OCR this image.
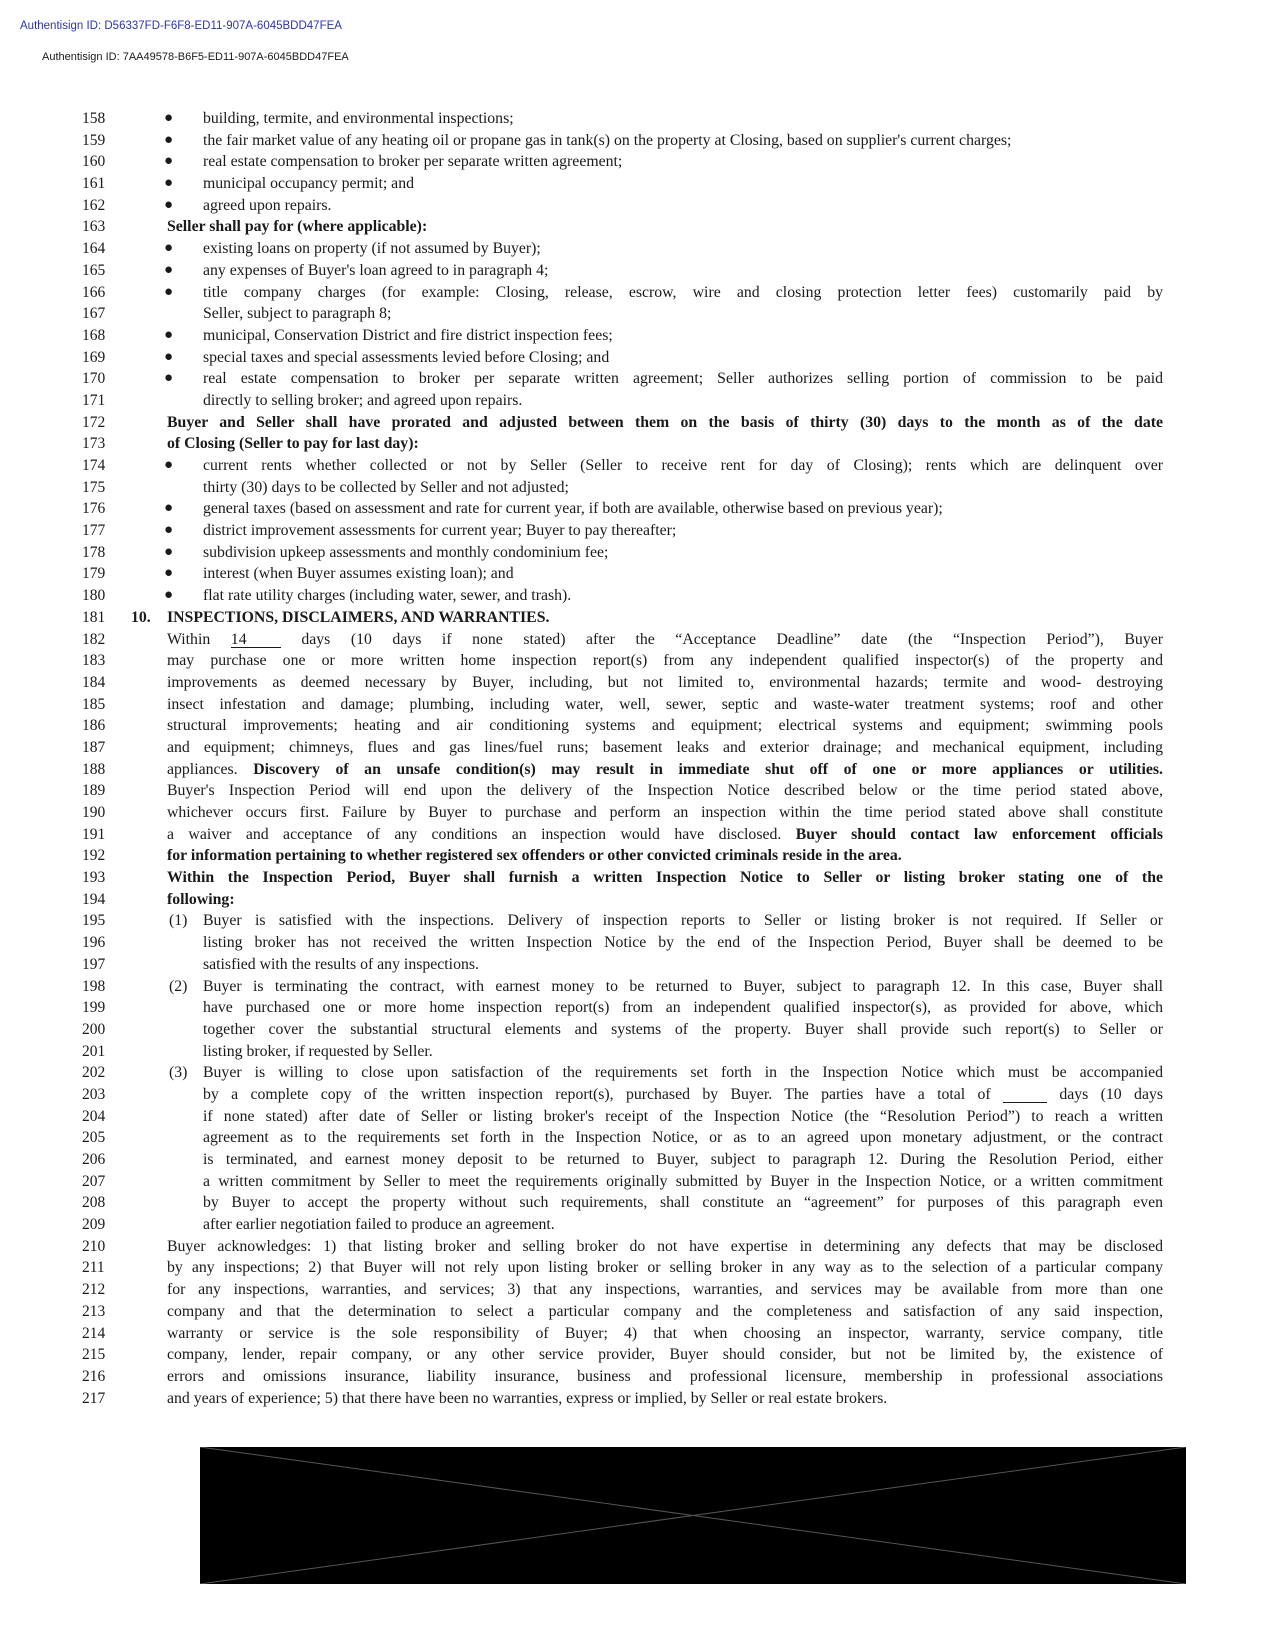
Authentisign ID: D56337FD-F6F8-ED11-907A-6045BDD47FEA
Authentisign ID: 7AA49578-B6F5-ED11-907A-6045BDD47FEA
158	● building, termite, and environmental inspections;
159	● the fair market value of any heating oil or propane gas in tank(s) on the property at Closing, based on supplier's current charges;
160	● real estate compensation to broker per separate written agreement;
161	● municipal occupancy permit; and
162	● agreed upon repairs.
163	Seller shall pay for (where applicable):
164	● existing loans on property (if not assumed by Buyer);
165	● any expenses of Buyer's loan agreed to in paragraph 4;
166	● title company charges (for example: Closing, release, escrow, wire and closing protection letter fees) customarily paid by
167	Seller, subject to paragraph 8;
168	● municipal, Conservation District and fire district inspection fees;
169	● special taxes and special assessments levied before Closing; and
170	● real estate compensation to broker per separate written agreement; Seller authorizes selling portion of commission to be paid
171	directly to selling broker; and agreed upon repairs.
172	Buyer and Seller shall have prorated and adjusted between them on the basis of thirty (30) days to the month as of the date
173	of Closing (Seller to pay for last day):
174	● current rents whether collected or not by Seller (Seller to receive rent for day of Closing); rents which are delinquent over
175	thirty (30) days to be collected by Seller and not adjusted;
176	● general taxes (based on assessment and rate for current year, if both are available, otherwise based on previous year);
177	● district improvement assessments for current year; Buyer to pay thereafter;
178	● subdivision upkeep assessments and monthly condominium fee;
179	● interest (when Buyer assumes existing loan); and
180	● flat rate utility charges (including water, sewer, and trash).
181 10. INSPECTIONS, DISCLAIMERS, AND WARRANTIES.
182	Within 14	days (10 days if none stated) after the “Acceptance Deadline” date (the “Inspection Period”), Buyer
183	may purchase one or more written home inspection report(s) from any independent qualified inspector(s) of the property and
184	improvements as deemed necessary by Buyer, including, but not limited to, environmental hazards; termite and wood- destroying
185	insect infestation and damage; plumbing, including water, well, sewer, septic and waste-water treatment systems; roof and other
186	structural improvements; heating and air conditioning systems and equipment; electrical systems and equipment; swimming pools
187	and equipment; chimneys, flues and gas lines/fuel runs; basement leaks and exterior drainage; and mechanical equipment, including
188	appliances. Discovery of an unsafe condition(s) may result in immediate shut off of one or more appliances or utilities.
189	Buyer's Inspection Period will end upon the delivery of the Inspection Notice described below or the time period stated above,
190	whichever occurs first. Failure by Buyer to purchase and perform an inspection within the time period stated above shall constitute
191	a waiver and acceptance of any conditions an inspection would have disclosed. Buyer should contact law enforcement officials
192	for information pertaining to whether registered sex offenders or other convicted criminals reside in the area.
193	Within the Inspection Period, Buyer shall furnish a written Inspection Notice to Seller or listing broker stating one of the
194	following:
195	(1) Buyer is satisfied with the inspections. Delivery of inspection reports to Seller or listing broker is not required. If Seller or
196	listing broker has not received the written Inspection Notice by the end of the Inspection Period, Buyer shall be deemed to be
197	satisfied with the results of any inspections.
198	(2) Buyer is terminating the contract, with earnest money to be returned to Buyer, subject to paragraph 12. In this case, Buyer shall
199	have purchased one or more home inspection report(s) from an independent qualified inspector(s), as provided for above, which
200	together cover the substantial structural elements and systems of the property. Buyer shall provide such report(s) to Seller or
201	listing broker, if requested by Seller.
202	(3) Buyer is willing to close upon satisfaction of the requirements set forth in the Inspection Notice which must be accompanied
203	by a complete copy of the written inspection report(s), purchased by Buyer. The parties have a total of	days (10 days
204	if none stated) after date of Seller or listing broker's receipt of the Inspection Notice (the “Resolution Period”) to reach a written
205	agreement as to the requirements set forth in the Inspection Notice, or as to an agreed upon monetary adjustment, or the contract
206	is terminated, and earnest money deposit to be returned to Buyer, subject to paragraph 12. During the Resolution Period, either
207	a written commitment by Seller to meet the requirements originally submitted by Buyer in the Inspection Notice, or a written commitment
208	by Buyer to accept the property without such requirements, shall constitute an “agreement” for purposes of this paragraph even
209	after earlier negotiation failed to produce an agreement.
210	Buyer acknowledges: 1) that listing broker and selling broker do not have expertise in determining any defects that may be disclosed
211	by any inspections; 2) that Buyer will not rely upon listing broker or selling broker in any way as to the selection of a particular company
212	for any inspections, warranties, and services; 3) that any inspections, warranties, and services may be available from more than one
213	company and that the determination to select a particular company and the completeness and satisfaction of any said inspection,
214	warranty or service is the sole responsibility of Buyer; 4) that when choosing an inspector, warranty, service company, title
215	company, lender, repair company, or any other service provider, Buyer should consider, but not be limited by, the existence of
216	errors and omissions insurance, liability insurance, business and professional licensure, membership in professional associations
217	and years of experience; 5) that there have been no warranties, express or implied, by Seller or real estate brokers.
